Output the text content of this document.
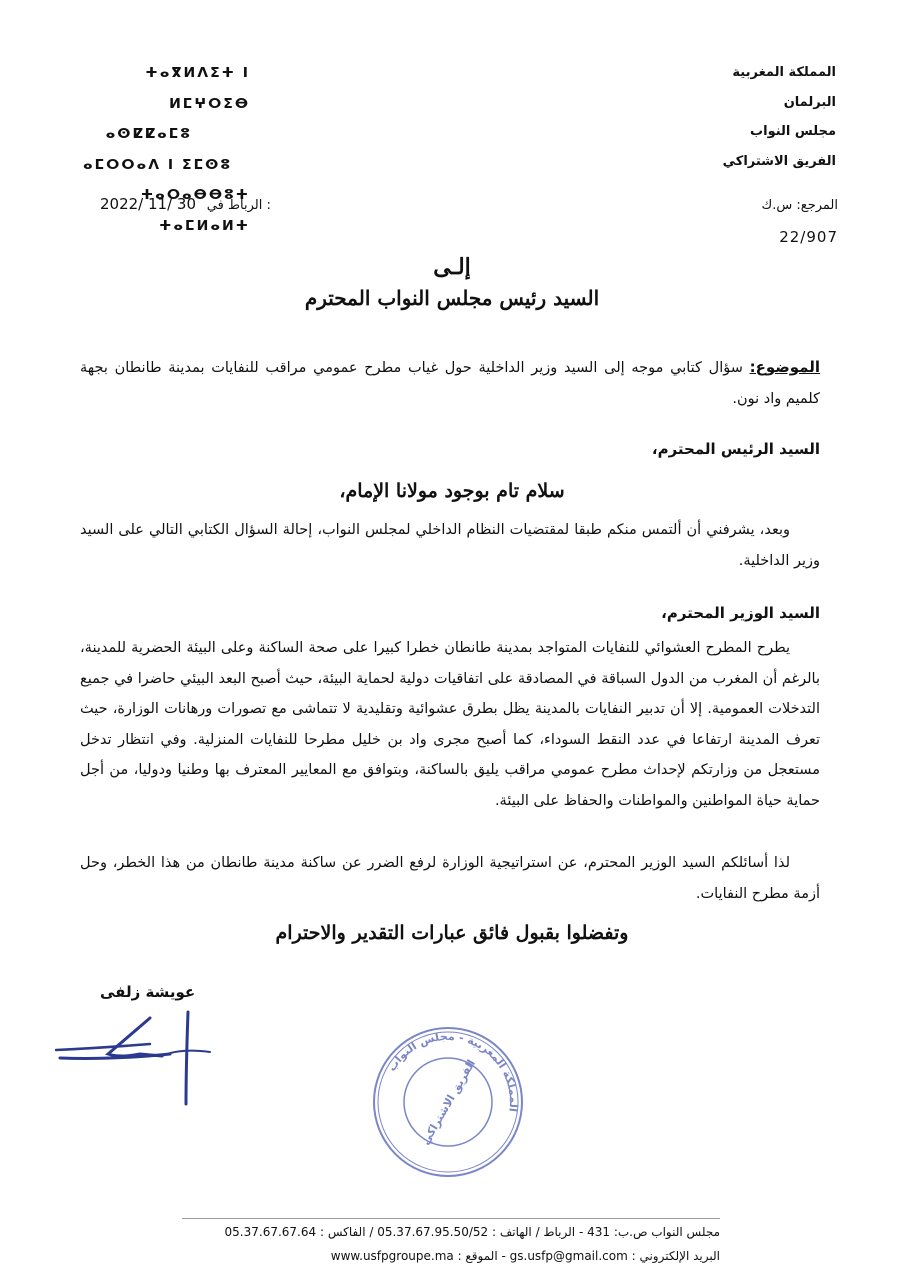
المملكة المغربية
البرلمان
مجلس النواب
الفريق الاشتراكي
ⵜⴰⴳⵍⴷⵉⵜ ⵏ ⵍⵎⵖⵔⵉⴱ
ⴰⵙⵇⵇⴰⵎⵓ
ⴰⵎⵔⵔⴰⴷ ⵏ ⵉⵎⵙⵓ
ⵜⴰⵔⴰⴱⴱⵓⵜ ⵜⴰⵎⵍⴰⵍⵜ
2022/ 11/ 30 الرباط في :	المرجع: س.ك
22/907
إلـى
السيد رئيس مجلس النواب المحترم
الموضوع: سؤال كتابي موجه إلى السيد وزير الداخلية حول غياب مطرح عمومي مراقب للنفايات بمدينة طانطان بجهة كلميم واد نون.
السيد الرئيس المحترم،
سلام تام بوجود مولانا الإمام،
وبعد، يشرفني أن ألتمس منكم طبقا لمقتضيات النظام الداخلي لمجلس النواب، إحالة السؤال الكتابي التالي على السيد وزير الداخلية.
السيد الوزير المحترم،
يطرح المطرح العشوائي للنفايات المتواجد بمدينة طانطان خطرا كبيرا على صحة الساكنة وعلى البيئة الحضرية للمدينة، بالرغم أن المغرب من الدول السباقة في المصادقة على اتفاقيات دولية لحماية البيئة، حيث أصبح البعد البيئي حاضرا في جميع التدخلات العمومية. إلا أن تدبير النفايات بالمدينة يظل بطرق عشوائية وتقليدية لا تتماشى مع تصورات ورهانات الوزارة، حيث تعرف المدينة ارتفاعا في عدد النقط السوداء، كما أصبح مجرى واد بن خليل مطرحا للنفايات المنزلية. وفي انتظار تدخل مستعجل من وزارتكم لإحداث مطرح عمومي مراقب يليق بالساكنة، وبتوافق مع المعايير المعترف بها وطنيا ودوليا، من أجل حماية حياة المواطنين والمواطنات والحفاظ على البيئة.
لذا أسائلكم السيد الوزير المحترم، عن استراتيجية الوزارة لرفع الضرر عن ساكنة مدينة طانطان من هذا الخطر، وحل أزمة مطرح النفايات.
وتفضلوا بقبول فائق عبارات التقدير والاحترام
عويشة زلفى
المملكة المغربية - مجلس النواب
الفريق الاشتراكي
مجلس النواب ص.ب: 431 - الرباط / الهاتف : 05.37.67.95.50/52 / الفاكس : 05.37.67.67.64
البريد الإلكتروني : gs.usfp@gmail.com - الموقع : www.usfpgroupe.ma
